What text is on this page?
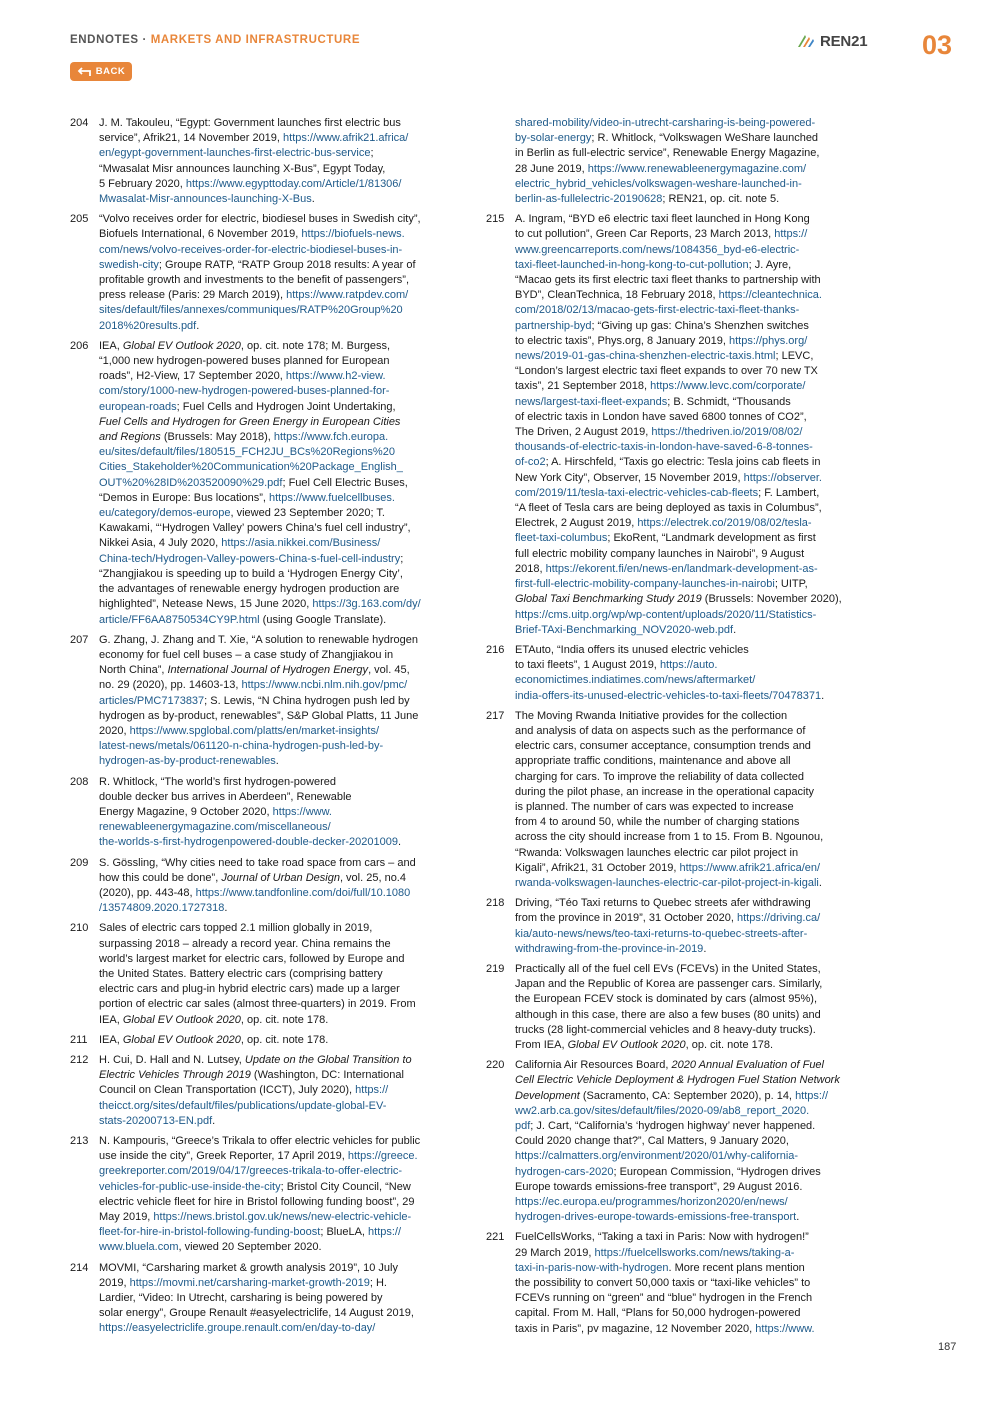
ENDNOTES · MARKETS AND INFRASTRUCTURE
BACK
REN21 03
204 J. M. Takouleu, “Egypt: Government launches first electric bus
service”, Afrik21, 14 November 2019, https://www.afrik21.africa/
en/egypt-government-launches-first-electric-bus-service;
“Mwasalat Misr announces launching X-Bus”, Egypt Today,
5 February 2020, https://www.egypttoday.com/Article/1/81306/
Mwasalat-Misr-announces-launching-X-Bus.
205 “Volvo receives order for electric, biodiesel buses in Swedish city”,
Biofuels International, 6 November 2019, https://biofuels-news.
com/news/volvo-receives-order-for-electric-biodiesel-buses-in-
swedish-city; Groupe RATP, “RATP Group 2018 results: A year of
profitable growth and investments to the benefit of passengers”,
press release (Paris: 29 March 2019), https://www.ratpdev.com/
sites/default/files/annexes/communiques/RATP%20Group%20
2018%20results.pdf.
206 IEA, Global EV Outlook 2020, op. cit. note 178; M. Burgess,
“1,000 new hydrogen-powered buses planned for European
roads”, H2-View, 17 September 2020, https://www.h2-view.
com/story/1000-new-hydrogen-powered-buses-planned-for-
european-roads; Fuel Cells and Hydrogen Joint Undertaking,
Fuel Cells and Hydrogen for Green Energy in European Cities
and Regions (Brussels: May 2018), https://www.fch.europa.
eu/sites/default/files/180515_FCH2JU_BCs%20Regions%20
Cities_Stakeholder%20Communication%20Package_English_
OUT%20%28ID%203520090%29.pdf; Fuel Cell Electric Buses,
“Demos in Europe: Bus locations”, https://www.fuelcellbuses.
eu/category/demos-europe, viewed 23 September 2020; T.
Kawakami, “‘Hydrogen Valley’ powers China’s fuel cell industry”,
Nikkei Asia, 4 July 2020, https://asia.nikkei.com/Business/
China-tech/Hydrogen-Valley-powers-China-s-fuel-cell-industry;
“Zhangjiakou is speeding up to build a ‘Hydrogen Energy City’,
the advantages of renewable energy hydrogen production are
highlighted”, Netease News, 15 June 2020, https://3g.163.com/dy/
article/FF6AA8750534CY9P.html (using Google Translate).
207 G. Zhang, J. Zhang and T. Xie, “A solution to renewable hydrogen
economy for fuel cell buses – a case study of Zhangjiakou in
North China”, International Journal of Hydrogen Energy, vol. 45,
no. 29 (2020), pp. 14603-13, https://www.ncbi.nlm.nih.gov/pmc/
articles/PMC7173837; S. Lewis, “N China hydrogen push led by
hydrogen as by-product, renewables”, S&P Global Platts, 11 June
2020, https://www.spglobal.com/platts/en/market-insights/
latest-news/metals/061120-n-china-hydrogen-push-led-by-
hydrogen-as-by-product-renewables.
208 R. Whitlock, “The world’s first hydrogen-powered
double decker bus arrives in Aberdeen”, Renewable
Energy Magazine, 9 October 2020, https://www.
renewableenergymagazine.com/miscellaneous/
the-worlds-s-first-hydrogenpowered-double-decker-20201009.
209 S. Gössling, “Why cities need to take road space from cars – and
how this could be done”, Journal of Urban Design, vol. 25, no.4
(2020), pp. 443-48, https://www.tandfonline.com/doi/full/10.1080
/13574809.2020.1727318.
210 Sales of electric cars topped 2.1 million globally in 2019,
surpassing 2018 – already a record year. China remains the
world’s largest market for electric cars, followed by Europe and
the United States. Battery electric cars (comprising battery
electric cars and plug-in hybrid electric cars) made up a larger
portion of electric car sales (almost three-quarters) in 2019. From
IEA, Global EV Outlook 2020, op. cit. note 178.
211	IEA, Global EV Outlook 2020, op. cit. note 178.
212 H. Cui, D. Hall and N. Lutsey, Update on the Global Transition to
Electric Vehicles Through 2019 (Washington, DC: International
Council on Clean Transportation (ICCT), July 2020), https://
theicct.org/sites/default/files/publications/update-global-EV-
stats-20200713-EN.pdf.
213 N. Kampouris, “Greece’s Trikala to offer electric vehicles for public
use inside the city”, Greek Reporter, 17 April 2019, https://greece.
greekreporter.com/2019/04/17/greeces-trikala-to-offer-electric-
vehicles-for-public-use-inside-the-city; Bristol City Council, “New
electric vehicle fleet for hire in Bristol following funding boost”, 29
May 2019, https://news.bristol.gov.uk/news/new-electric-vehicle-
fleet-for-hire-in-bristol-following-funding-boost; BlueLA, https://
www.bluela.com, viewed 20 September 2020.
214 MOVMI, “Carsharing market & growth analysis 2019”, 10 July
2019, https://movmi.net/carsharing-market-growth-2019; H.
Lardier, “Video: In Utrecht, carsharing is being powered by
solar energy”, Groupe Renault #easyelectriclife, 14 August 2019,
https://easyelectriclife.groupe.renault.com/en/day-to-day/
shared-mobility/video-in-utrecht-carsharing-is-being-powered-
by-solar-energy; R. Whitlock, “Volkswagen WeShare launched
in Berlin as full-electric service”, Renewable Energy Magazine,
28 June 2019, https://www.renewableenergymagazine.com/
electric_hybrid_vehicles/volkswagen-weshare-launched-in-
berlin-as-fullelectric-20190628; REN21, op. cit. note 5.
215 A. Ingram, “BYD e6 electric taxi fleet launched in Hong Kong
to cut pollution”, Green Car Reports, 23 March 2013, https://
www.greencarreports.com/news/1084356_byd-e6-electric-
taxi-fleet-launched-in-hong-kong-to-cut-pollution; J. Ayre,
“Macao gets its first electric taxi fleet thanks to partnership with
BYD”, CleanTechnica, 18 February 2018, https://cleantechnica.
com/2018/02/13/macao-gets-first-electric-taxi-fleet-thanks-
partnership-byd; “Giving up gas: China’s Shenzhen switches
to electric taxis”, Phys.org, 8 January 2019, https://phys.org/
news/2019-01-gas-china-shenzhen-electric-taxis.html; LEVC,
“London’s largest electric taxi fleet expands to over 70 new TX
taxis”, 21 September 2018, https://www.levc.com/corporate/
news/largest-taxi-fleet-expands; B. Schmidt, “Thousands
of electric taxis in London have saved 6800 tonnes of CO2”,
The Driven, 2 August 2019, https://thedriven.io/2019/08/02/
thousands-of-electric-taxis-in-london-have-saved-6-8-tonnes-
of-co2; A. Hirschfeld, “Taxis go electric: Tesla joins cab fleets in
New York City”, Observer, 15 November 2019, https://observer.
com/2019/11/tesla-taxi-electric-vehicles-cab-fleets; F. Lambert,
“A fleet of Tesla cars are being deployed as taxis in Columbus”,
Electrek, 2 August 2019, https://electrek.co/2019/08/02/tesla-
fleet-taxi-columbus; EkoRent, “Landmark development as first
full electric mobility company launches in Nairobi”, 9 August
2018, https://ekorent.fi/en/news-en/landmark-development-as-
first-full-electric-mobility-company-launches-in-nairobi; UITP,
Global Taxi Benchmarking Study 2019 (Brussels: November 2020),
https://cms.uitp.org/wp/wp-content/uploads/2020/11/Statistics-
Brief-TAxi-Benchmarking_NOV2020-web.pdf.
216 ETAuto, “India offers its unused electric vehicles
to taxi fleets”, 1 August 2019, https://auto.
economictimes.indiatimes.com/news/aftermarket/
india-offers-its-unused-electric-vehicles-to-taxi-fleets/70478371.
217 The Moving Rwanda Initiative provides for the collection
and analysis of data on aspects such as the performance of
electric cars, consumer acceptance, consumption trends and
appropriate traffic conditions, maintenance and above all
charging for cars. To improve the reliability of data collected
during the pilot phase, an increase in the operational capacity
is planned. The number of cars was expected to increase
from 4 to around 50, while the number of charging stations
across the city should increase from 1 to 15. From B. Ngounou,
“Rwanda: Volkswagen launches electric car pilot project in
Kigali”, Afrik21, 31 October 2019, https://www.afrik21.africa/en/
rwanda-volkswagen-launches-electric-car-pilot-project-in-kigali.
218 Driving, “Téo Taxi returns to Quebec streets afer withdrawing
from the province in 2019”, 31 October 2020, https://driving.ca/
kia/auto-news/news/teo-taxi-returns-to-quebec-streets-after-
withdrawing-from-the-province-in-2019.
219 Practically all of the fuel cell EVs (FCEVs) in the United States,
Japan and the Republic of Korea are passenger cars. Similarly,
the European FCEV stock is dominated by cars (almost 95%),
although in this case, there are also a few buses (80 units) and
trucks (28 light-commercial vehicles and 8 heavy-duty trucks).
From IEA, Global EV Outlook 2020, op. cit. note 178.
220 California Air Resources Board, 2020 Annual Evaluation of Fuel
Cell Electric Vehicle Deployment & Hydrogen Fuel Station Network
Development (Sacramento, CA: September 2020), p. 14, https://
ww2.arb.ca.gov/sites/default/files/2020-09/ab8_report_2020.
pdf; J. Cart, “California’s ‘hydrogen highway’ never happened.
Could 2020 change that?”, Cal Matters, 9 January 2020,
https://calmatters.org/environment/2020/01/why-california-
hydrogen-cars-2020; European Commission, “Hydrogen drives
Europe towards emissions-free transport”, 29 August 2016.
https://ec.europa.eu/programmes/horizon2020/en/news/
hydrogen-drives-europe-towards-emissions-free-transport.
221 FuelCellsWorks, “Taking a taxi in Paris: Now with hydrogen!”
29 March 2019, https://fuelcellsworks.com/news/taking-a-
taxi-in-paris-now-with-hydrogen. More recent plans mention
the possibility to convert 50,000 taxis or “taxi-like vehicles” to
FCEVs running on “green” and “blue” hydrogen in the French
capital. From M. Hall, “Plans for 50,000 hydrogen-powered
taxis in Paris”, pv magazine, 12 November 2020, https://www.
187
